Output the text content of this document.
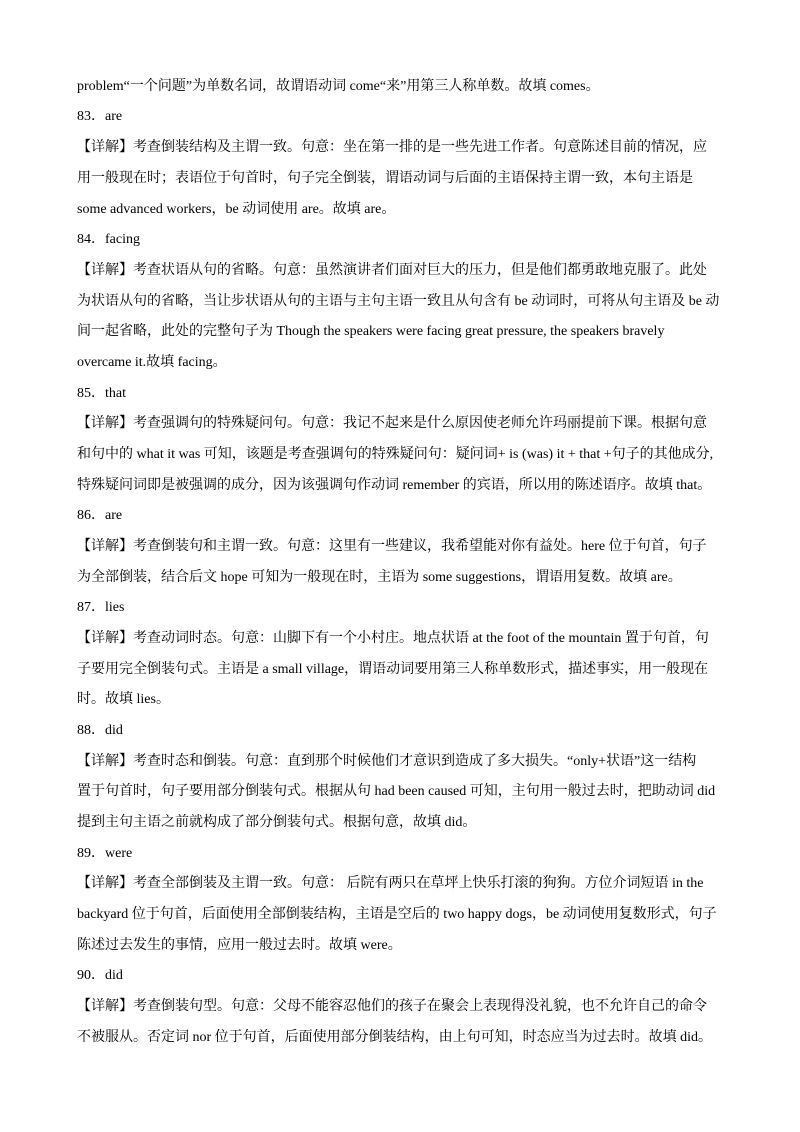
problem“一个问题”为单数名词，故谓语动词 come“来”用第三人称单数。故填 comes。
83．are
【详解】考查倒装结构及主谓一致。句意：坐在第一排的是一些先进工作者。句意陈述目前的情况，应
用一般现在时；表语位于句首时，句子完全倒装，谓语动词与后面的主语保持主谓一致，本句主语是
some advanced workers，be 动词使用 are。故填 are。
84．facing
【详解】考查状语从句的省略。句意：虽然演讲者们面对巨大的压力，但是他们都勇敢地克服了。此处
为状语从句的省略，当让步状语从句的主语与主句主语一致且从句含有 be 动词时，可将从句主语及 be 动
间一起省略，此处的完整句子为 Though the speakers were facing great pressure, the speakers bravely
overcame it.故填 facing。
85．that
【详解】考查强调句的特殊疑问句。句意：我记不起来是什么原因使老师允许玛丽提前下课。根据句意
和句中的 what it was 可知，该题是考查强调句的特殊疑问句：疑问词+ is (was) it + that +句子的其他成分,
特殊疑问词即是被强调的成分，因为该强调句作动词 remember 的宾语，所以用的陈述语序。故填 that。
86．are
【详解】考查倒装句和主谓一致。句意：这里有一些建议，我希望能对你有益处。here 位于句首，句子
为全部倒装，结合后文 hope 可知为一般现在时，主语为 some suggestions，谓语用复数。故填 are。
87．lies
【详解】考查动词时态。句意：山脚下有一个小村庄。地点状语 at the foot of the mountain 置于句首，句
子要用完全倒装句式。主语是 a small village，谓语动词要用第三人称单数形式，描述事实，用一般现在
时。故填 lies。
88．did
【详解】考查时态和倒装。句意：直到那个时候他们才意识到造成了多大损失。“only+状语”这一结构
置于句首时，句子要用部分倒装句式。根据从句 had been caused 可知，主句用一般过去时，把助动词 did
提到主句主语之前就构成了部分倒装句式。根据句意，故填 did。
89．were
【详解】考查全部倒装及主谓一致。句意： 后院有两只在草坪上快乐打滚的狗狗。方位介词短语 in the
backyard 位于句首，后面使用全部倒装结构，主语是空后的 two happy dogs，be 动词使用复数形式，句子
陈述过去发生的事情，应用一般过去时。故填 were。
90．did
【详解】考查倒装句型。句意：父母不能容忍他们的孩子在聚会上表现得没礼貌，也不允许自己的命令
不被服从。否定词 nor 位于句首，后面使用部分倒装结构，由上句可知，时态应当为过去时。故填 did。
